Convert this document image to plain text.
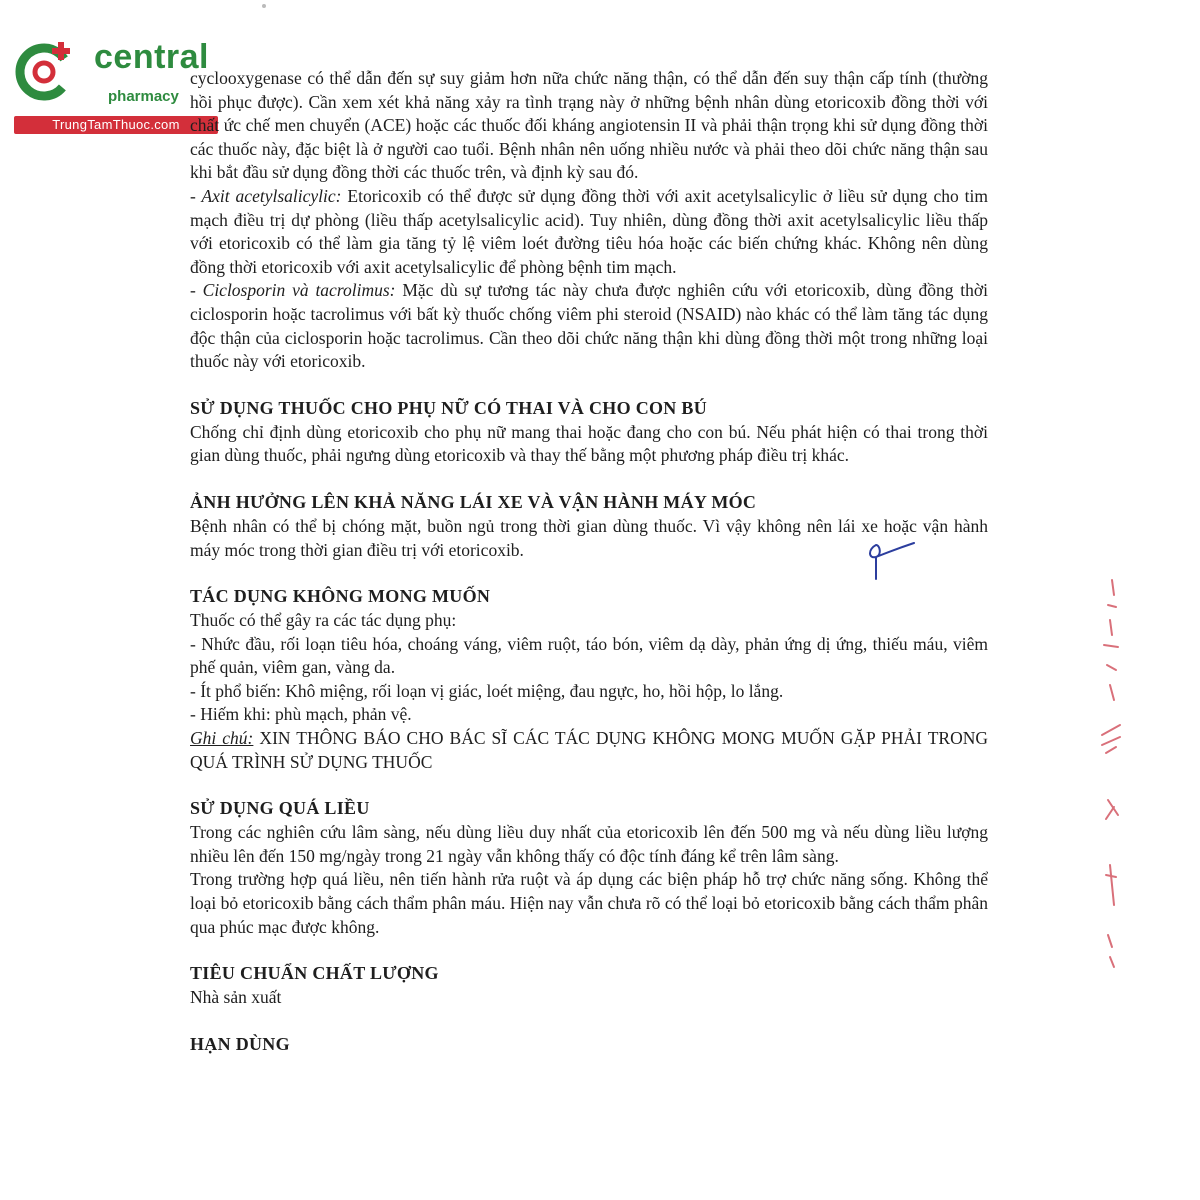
central
pharmacy
TrungTamThuoc.com

cyclooxygenase có thể dẫn đến sự suy giảm hơn nữa chức năng thận, có thể dẫn đến suy thận cấp tính (thường hồi phục được). Cần xem xét khả năng xảy ra tình trạng này ở những bệnh nhân dùng etoricoxib đồng thời với chất ức chế men chuyển (ACE) hoặc các thuốc đối kháng angiotensin II và phải thận trọng khi sử dụng đồng thời các thuốc này, đặc biệt là ở người cao tuổi. Bệnh nhân nên uống nhiều nước và phải theo dõi chức năng thận sau khi bắt đầu sử dụng đồng thời các thuốc trên, và định kỳ sau đó.

- Axit acetylsalicylic: Etoricoxib có thể được sử dụng đồng thời với axit acetylsalicylic ở liều sử dụng cho tim mạch điều trị dự phòng (liều thấp acetylsalicylic acid). Tuy nhiên, dùng đồng thời axit acetylsalicylic liều thấp với etoricoxib có thể làm gia tăng tỷ lệ viêm loét đường tiêu hóa hoặc các biến chứng khác. Không nên dùng đồng thời etoricoxib với axit acetylsalicylic để phòng bệnh tim mạch.

- Ciclosporin và tacrolimus: Mặc dù sự tương tác này chưa được nghiên cứu với etoricoxib, dùng đồng thời ciclosporin hoặc tacrolimus với bất kỳ thuốc chống viêm phi steroid (NSAID) nào khác có thể làm tăng tác dụng độc thận của ciclosporin hoặc tacrolimus. Cần theo dõi chức năng thận khi dùng đồng thời một trong những loại thuốc này với etoricoxib.

SỬ DỤNG THUỐC CHO PHỤ NỮ CÓ THAI VÀ CHO CON BÚ

Chống chỉ định dùng etoricoxib cho phụ nữ mang thai hoặc đang cho con bú. Nếu phát hiện có thai trong thời gian dùng thuốc, phải ngưng dùng etoricoxib và thay thế bằng một phương pháp điều trị khác.

ẢNH HƯỞNG LÊN KHẢ NĂNG LÁI XE VÀ VẬN HÀNH MÁY MÓC

Bệnh nhân có thể bị chóng mặt, buồn ngủ trong thời gian dùng thuốc. Vì vậy không nên lái xe hoặc vận hành máy móc trong thời gian điều trị với etoricoxib.

TÁC DỤNG KHÔNG MONG MUỐN

Thuốc có thể gây ra các tác dụng phụ:

- Nhức đầu, rối loạn tiêu hóa, choáng váng, viêm ruột, táo bón, viêm dạ dày, phản ứng dị ứng, thiếu máu, viêm phế quản, viêm gan, vàng da.

- Ít phổ biến: Khô miệng, rối loạn vị giác, loét miệng, đau ngực, ho, hồi hộp, lo lắng.

- Hiếm khi: phù mạch, phản vệ.

Ghi chú: XIN THÔNG BÁO CHO BÁC SĨ CÁC TÁC DỤNG KHÔNG MONG MUỐN GẶP PHẢI TRONG QUÁ TRÌNH SỬ DỤNG THUỐC

SỬ DỤNG QUÁ LIỀU

Trong các nghiên cứu lâm sàng, nếu dùng liều duy nhất của etoricoxib lên đến 500 mg và nếu dùng liều lượng nhiều lên đến 150 mg/ngày trong 21 ngày vẫn không thấy có độc tính đáng kể trên lâm sàng.

Trong trường hợp quá liều, nên tiến hành rửa ruột và áp dụng các biện pháp hỗ trợ chức năng sống. Không thể loại bỏ etoricoxib bằng cách thẩm phân máu. Hiện nay vẫn chưa rõ có thể loại bỏ etoricoxib bằng cách thẩm phân qua phúc mạc được không.

TIÊU CHUẨN CHẤT LƯỢNG

Nhà sản xuất

HẠN DÙNG
